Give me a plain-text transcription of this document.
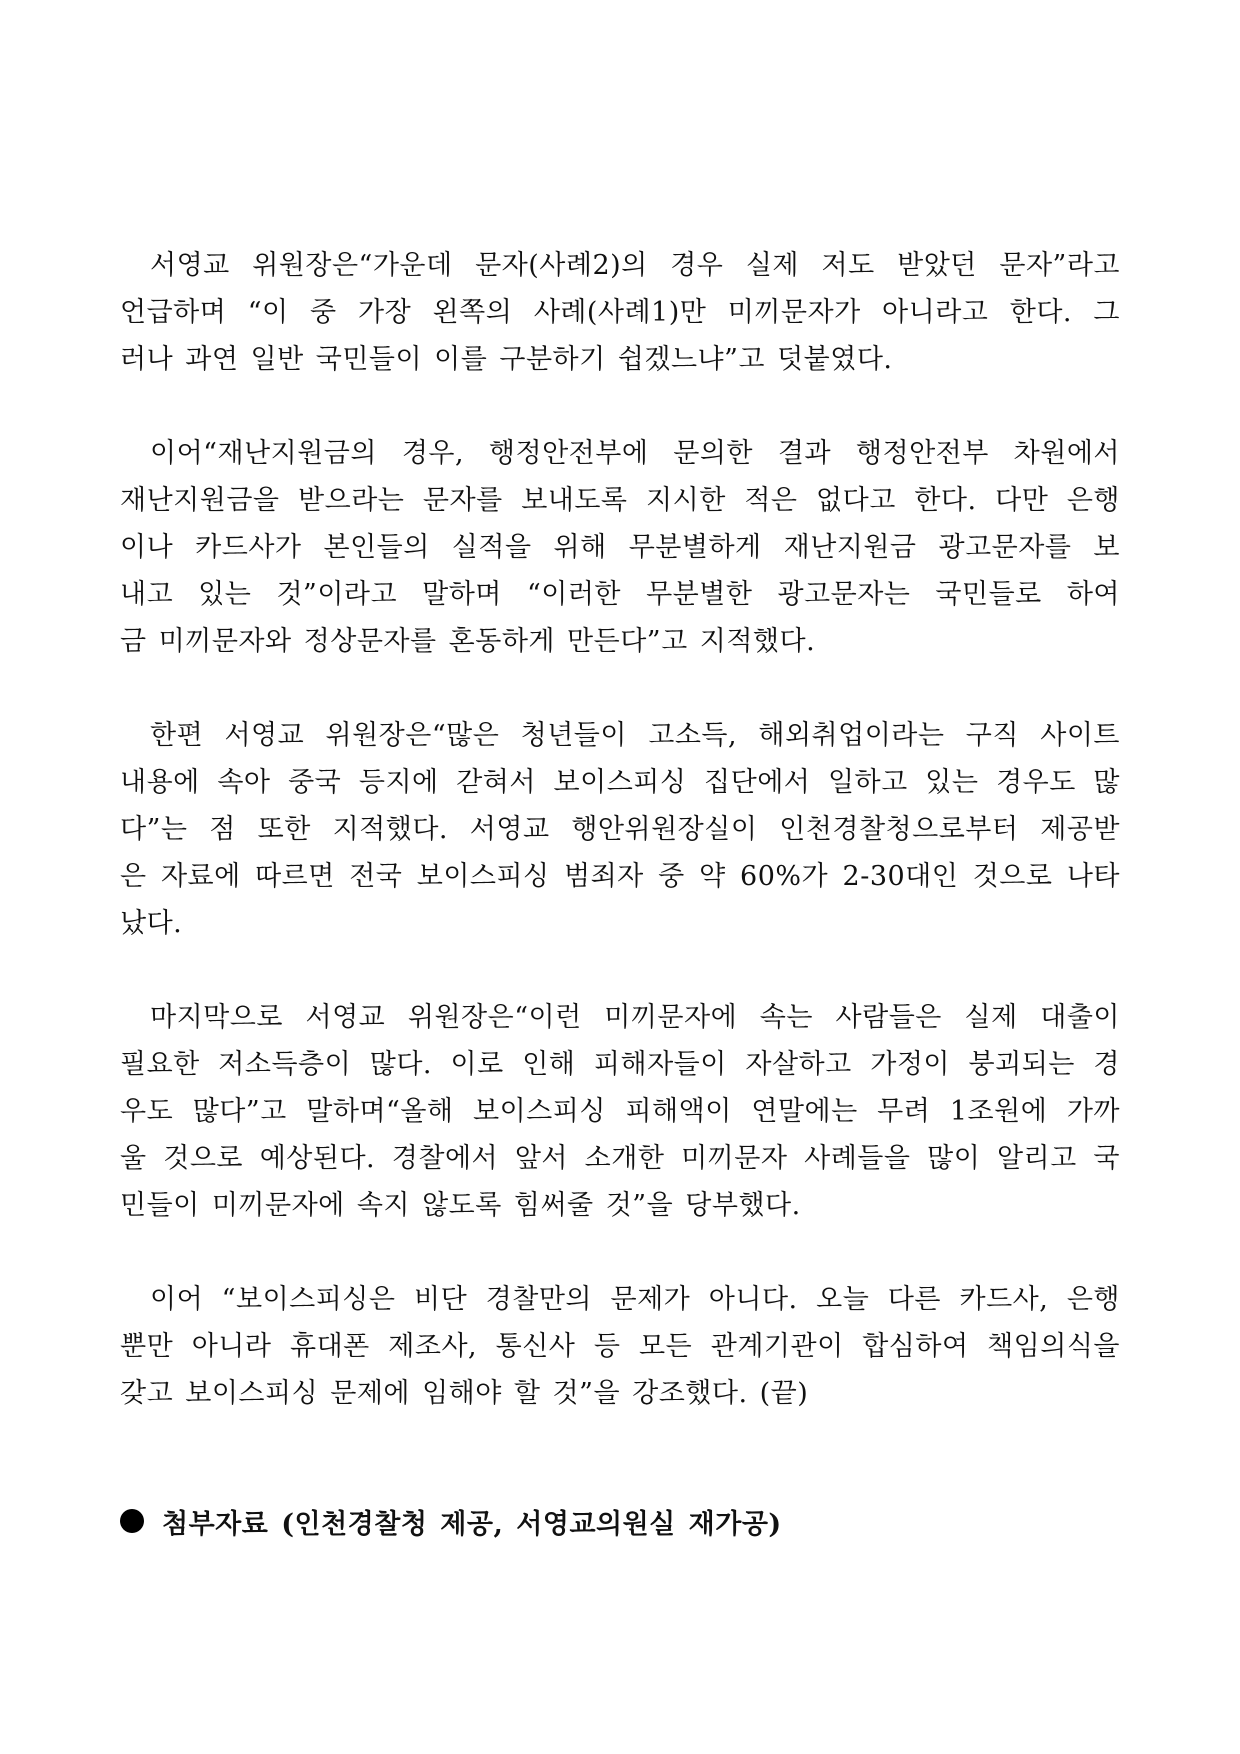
서영교 위원장은“가운데 문자(사례2)의 경우 실제 저도 받았던 문자”라고
언급하며 “이 중 가장 왼쪽의 사례(사례1)만 미끼문자가 아니라고 한다. 그
러나 과연 일반 국민들이 이를 구분하기 쉽겠느냐”고 덧붙였다.

이어“재난지원금의 경우, 행정안전부에 문의한 결과 행정안전부 차원에서
재난지원금을 받으라는 문자를 보내도록 지시한 적은 없다고 한다. 다만 은행
이나 카드사가 본인들의 실적을 위해 무분별하게 재난지원금 광고문자를 보
내고 있는 것”이라고 말하며 “이러한 무분별한 광고문자는 국민들로 하여
금 미끼문자와 정상문자를 혼동하게 만든다”고 지적했다.

한편 서영교 위원장은“많은 청년들이 고소득, 해외취업이라는 구직 사이트
내용에 속아 중국 등지에 갇혀서 보이스피싱 집단에서 일하고 있는 경우도 많
다”는 점 또한 지적했다. 서영교 행안위원장실이 인천경찰청으로부터 제공받
은 자료에 따르면 전국 보이스피싱 범죄자 중 약 60%가 2-30대인 것으로 나타
났다.

마지막으로 서영교 위원장은“이런 미끼문자에 속는 사람들은 실제 대출이
필요한 저소득층이 많다. 이로 인해 피해자들이 자살하고 가정이 붕괴되는 경
우도 많다”고 말하며“올해 보이스피싱 피해액이 연말에는 무려 1조원에 가까
울 것으로 예상된다. 경찰에서 앞서 소개한 미끼문자 사례들을 많이 알리고 국
민들이 미끼문자에 속지 않도록 힘써줄 것”을 당부했다.

이어 “보이스피싱은 비단 경찰만의 문제가 아니다. 오늘 다른 카드사, 은행
뿐만 아니라 휴대폰 제조사, 통신사 등 모든 관계기관이 합심하여 책임의식을
갖고 보이스피싱 문제에 임해야 할 것”을 강조했다. (끝)

첨부자료 (인천경찰청 제공, 서영교의원실 재가공)
